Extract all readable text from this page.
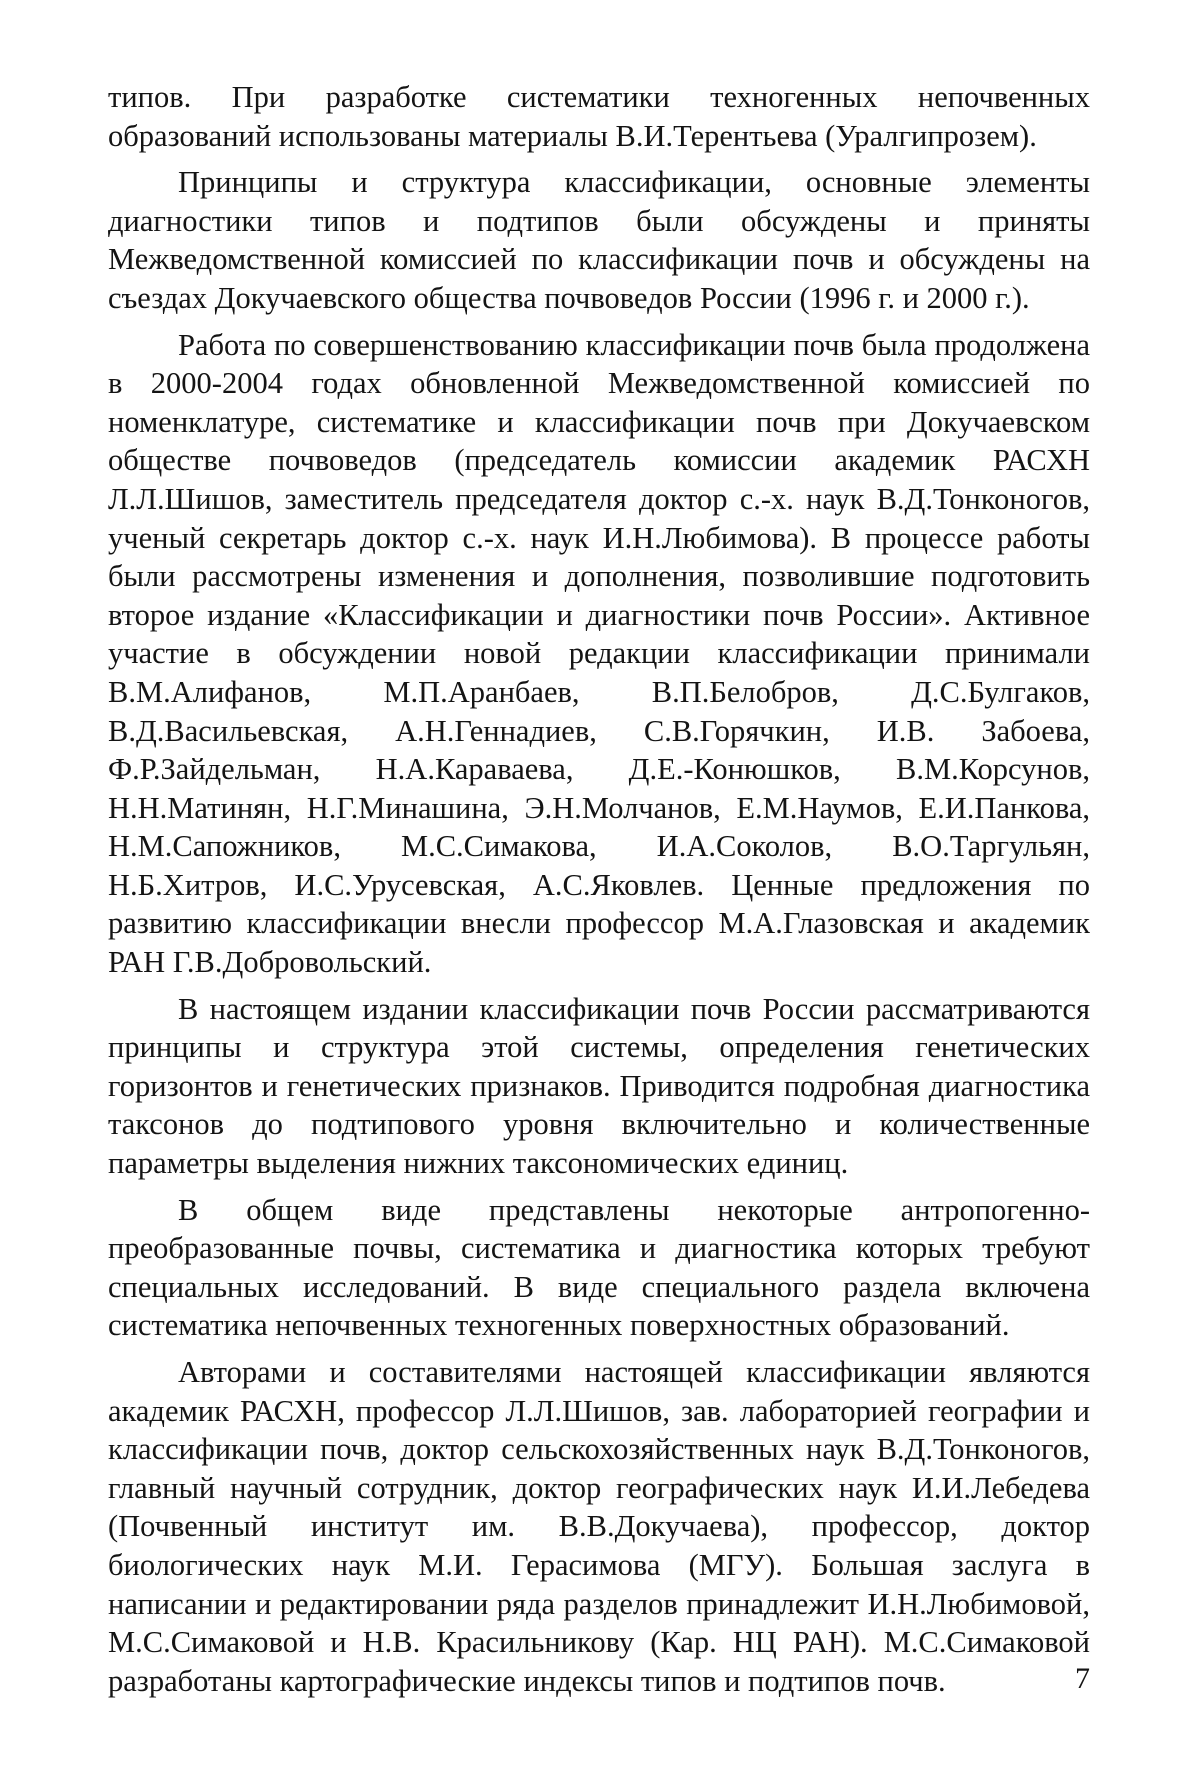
типов. При разработке систематики техногенных непочвенных образований использованы материалы В.И.Терентьева (Уралгипрозем).

Принципы и структура классификации, основные элементы диагностики типов и подтипов были обсуждены и приняты Межведомственной комиссией по классификации почв и обсуждены на съездах Докучаевского общества почвоведов России (1996 г. и 2000 г.).

Работа по совершенствованию классификации почв была продолжена в 2000-2004 годах обновленной Межведомственной комиссией по номенклатуре, систематике и классификации почв при Докучаевском обществе почвоведов (председатель комиссии академик РАСХН Л.Л.Шишов, заместитель председателя доктор с.-х. наук В.Д.Тонконогов, ученый секретарь доктор с.-х. наук И.Н.Любимова). В процессе работы были рассмотрены изменения и дополнения, позволившие подготовить второе издание «Классификации и диагностики почв России». Активное участие в обсуждении новой редакции классификации принимали В.М.Алифанов, М.П.Аранбаев, В.П.Белобров, Д.С.Булгаков, В.Д.Васильевская, А.Н.Геннадиев, С.В.Горячкин, И.В. Забоева, Ф.Р.Зайдельман, Н.А.Караваева, Д.Е.-Конюшков, В.М.Корсунов, Н.Н.Матинян, Н.Г.Минашина, Э.Н.Молчанов, Е.М.Наумов, Е.И.Панкова, Н.М.Сапожников, М.С.Симакова, И.А.Соколов, В.О.Таргульян, Н.Б.Хитров, И.С.Урусевская, А.С.Яковлев. Ценные предложения по развитию классификации внесли профессор М.А.Глазовская и академик РАН Г.В.Добровольский.

В настоящем издании классификации почв России рассматриваются принципы и структура этой системы, определения генетических горизонтов и генетических признаков. Приводится подробная диагностика таксонов до подтипового уровня включительно и количественные параметры выделения нижних таксономических единиц.

В общем виде представлены некоторые антропогенно-преобразованные почвы, систематика и диагностика которых требуют специальных исследований. В виде специального раздела включена систематика непочвенных техногенных поверхностных образований.

Авторами и составителями настоящей классификации являются академик РАСХН, профессор Л.Л.Шишов, зав. лабораторией географии и классификации почв, доктор сельскохозяйственных наук В.Д.Тонконогов, главный научный сотрудник, доктор географических наук И.И.Лебедева (Почвенный институт им. В.В.Докучаева), профессор, доктор биологических наук М.И. Герасимова (МГУ). Большая заслуга в написании и редактировании ряда разделов принадлежит И.Н.Любимовой, М.С.Симаковой и Н.В. Красильникову (Кар. НЦ РАН). М.С.Симаковой разработаны картографические индексы типов и подтипов почв.	7
